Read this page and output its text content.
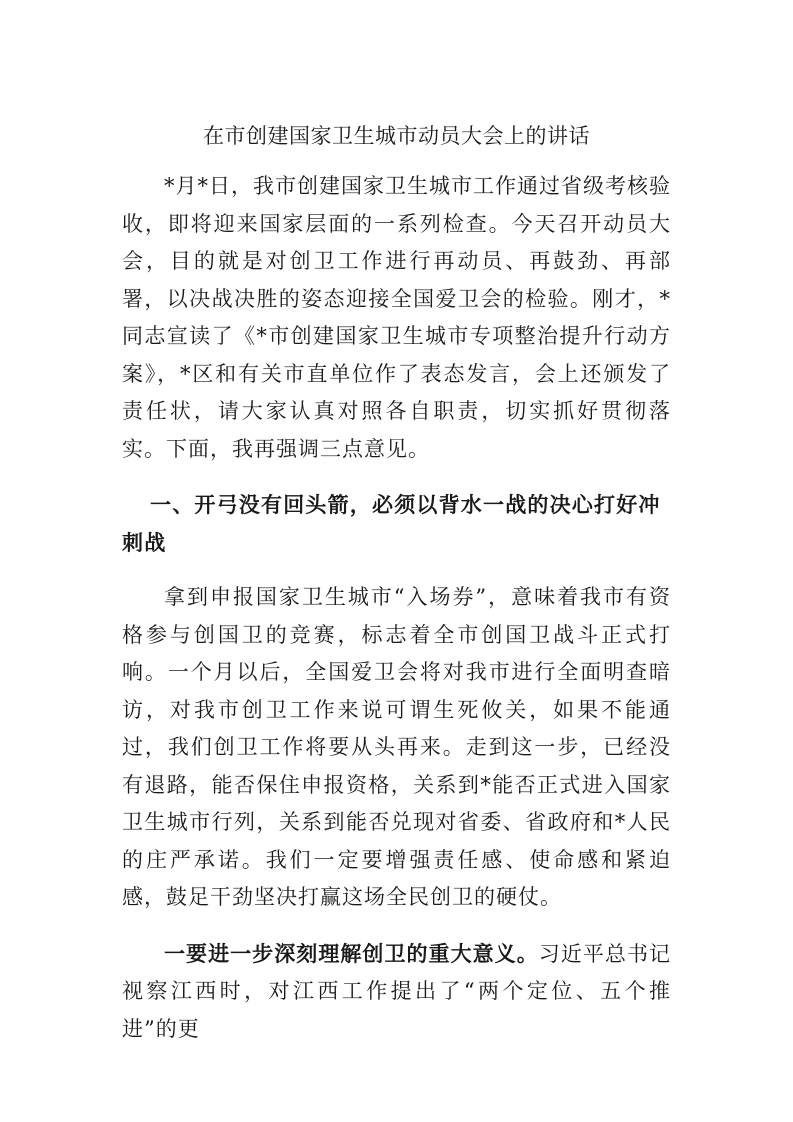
在市创建国家卫生城市动员大会上的讲话

*月*日，我市创建国家卫生城市工作通过省级考核验收，即将迎来国家层面的一系列检查。今天召开动员大会，目的就是对创卫工作进行再动员、再鼓劲、再部署，以决战决胜的姿态迎接全国爱卫会的检验。刚才，*同志宣读了《*市创建国家卫生城市专项整治提升行动方案》，*区和有关市直单位作了表态发言，会上还颁发了责任状，请大家认真对照各自职责，切实抓好贯彻落实。下面，我再强调三点意见。

一、开弓没有回头箭，必须以背水一战的决心打好冲刺战

拿到申报国家卫生城市“入场券”，意味着我市有资格参与创国卫的竞赛，标志着全市创国卫战斗正式打响。一个月以后，全国爱卫会将对我市进行全面明查暗访，对我市创卫工作来说可谓生死攸关，如果不能通过，我们创卫工作将要从头再来。走到这一步，已经没有退路，能否保住申报资格，关系到*能否正式进入国家卫生城市行列，关系到能否兑现对省委、省政府和*人民的庄严承诺。我们一定要增强责任感、使命感和紧迫感，鼓足干劲坚决打赢这场全民创卫的硬仗。

一要进一步深刻理解创卫的重大意义。习近平总书记视察江西时，对江西工作提出了“两个定位、五个推进”的更
